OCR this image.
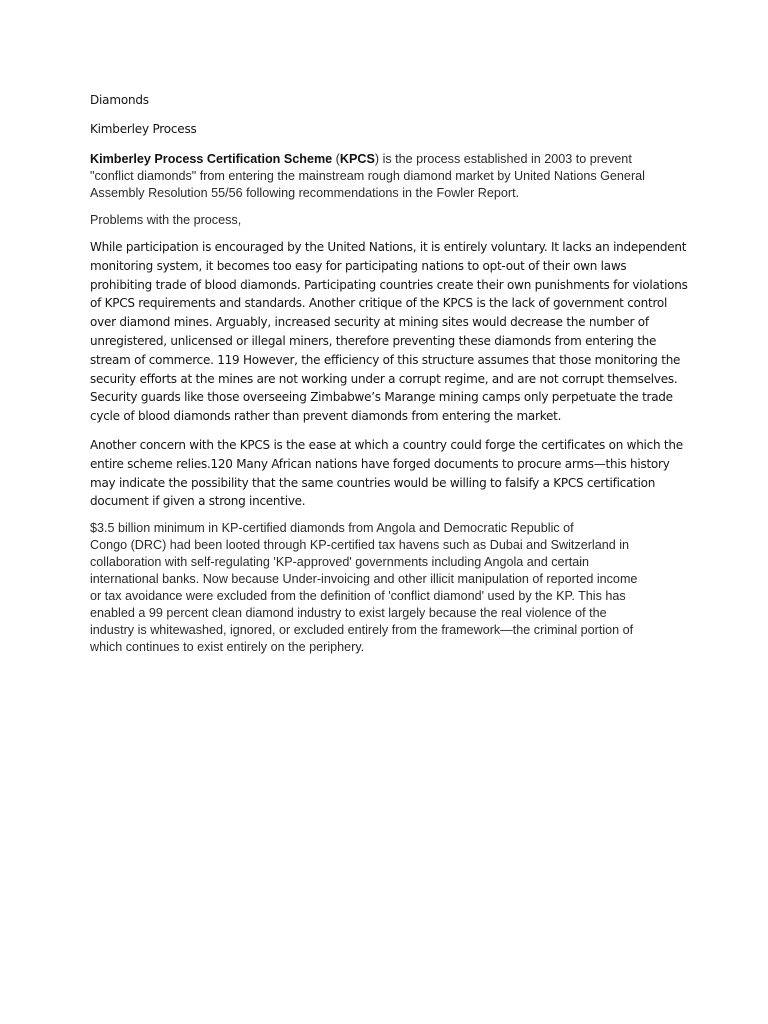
Diamonds

Kimberley Process

Kimberley Process Certification Scheme (KPCS) is the process established in 2003 to prevent
"conflict diamonds" from entering the mainstream rough diamond market by United Nations General
Assembly Resolution 55/56 following recommendations in the Fowler Report.

Problems with the process,

While participation is encouraged by the United Nations, it is entirely voluntary. It lacks an independent
monitoring system, it becomes too easy for participating nations to opt-out of their own laws
prohibiting trade of blood diamonds. Participating countries create their own punishments for violations
of KPCS requirements and standards. Another critique of the KPCS is the lack of government control
over diamond mines. Arguably, increased security at mining sites would decrease the number of
unregistered, unlicensed or illegal miners, therefore preventing these diamonds from entering the
stream of commerce. 119 However, the efficiency of this structure assumes that those monitoring the
security efforts at the mines are not working under a corrupt regime, and are not corrupt themselves.
Security guards like those overseeing Zimbabwe’s Marange mining camps only perpetuate the trade
cycle of blood diamonds rather than prevent diamonds from entering the market.
Another concern with the KPCS is the ease at which a country could forge the certificates on which the
entire scheme relies.120 Many African nations have forged documents to procure arms—this history
may indicate the possibility that the same countries would be willing to falsify a KPCS certification
document if given a strong incentive.
$3.5 billion minimum in KP-certified diamonds from Angola and Democratic Republic of
Congo (DRC) had been looted through KP-certified tax havens such as Dubai and Switzerland in
collaboration with self-regulating 'KP-approved' governments including Angola and certain
international banks. Now because Under-invoicing and other illicit manipulation of reported income
or tax avoidance were excluded from the definition of 'conflict diamond' used by the KP. This has
enabled a 99 percent clean diamond industry to exist largely because the real violence of the
industry is whitewashed, ignored, or excluded entirely from the framework—the criminal portion of
which continues to exist entirely on the periphery.
